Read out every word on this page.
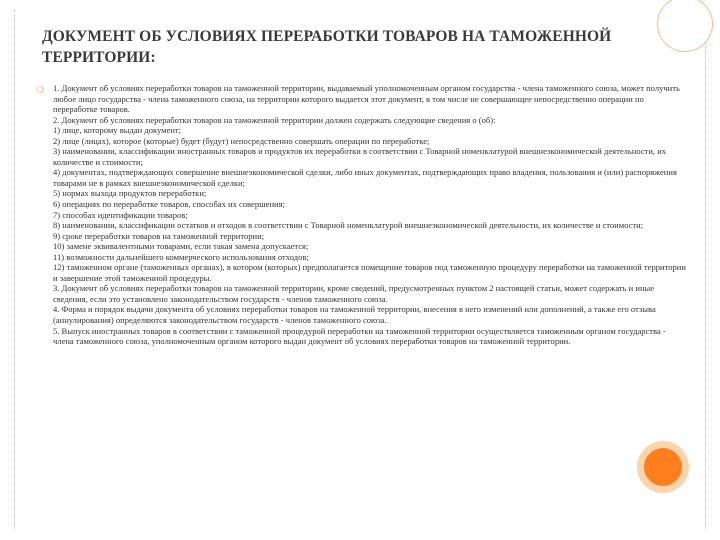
ДОКУМЕНТ ОБ УСЛОВИЯХ ПЕРЕРАБОТКИ ТОВАРОВ НА ТАМОЖЕННОЙ ТЕРРИТОРИИ:
❍ 1. Документ об условиях переработки товаров на таможенной территории, выдаваемый уполномоченным органом государства - члена таможенного союза, может получить любое лицо государства - члена таможенного союза, на территории которого выдается этот документ, в том числе не совершающее непосредственно операции по переработке товаров.

2. Документ об условиях переработки товаров на таможенной территории должен содержать следующие сведения о (об):

1) лице, которому выдан документ;

2) лице (лицах), которое (которые) будет (будут) непосредственно совершать операции по переработке;

3) наименовании, классификации иностранных товаров и продуктов их переработки в соответствии с Товарной номенклатурой внешнеэкономической деятельности, их количестве и стоимости;

4) документах, подтверждающих совершение внешнеэкономической сделки, либо иных документах, подтверждающих право владения, пользования и (или) распоряжения товарами не в рамках внешнеэкономической сделки;

5) нормах выхода продуктов переработки;

6) операциях по переработке товаров, способах их совершения;

7) способах идентификации товаров;

8) наименовании, классификации остатков и отходов в соответствии с Товарной номенклатурой внешнеэкономической деятельности, их количестве и стоимости;

9) сроке переработки товаров на таможенной территории;

10) замене эквивалентными товарами, если такая замена допускается;

11) возможности дальнейшего коммерческого использования отходов;

12) таможенном органе (таможенных органах), в котором (которых) предполагается помещение товаров под таможенную процедуру переработки на таможенной территории и завершение этой таможенной процедуры.

3. Документ об условиях переработки товаров на таможенной территории, кроме сведений, предусмотренных пунктом 2 настоящей статьи, может содержать и иные сведения, если это установлено законодательством государств - членов таможенного союза.

4. Форма и порядок выдачи документа об условиях переработки товаров на таможенной территории, внесения в него изменений или дополнений, а также его отзыва (аннулирования) определяются законодательством государств - членов таможенного союза.

5. Выпуск иностранных товаров в соответствии с таможенной процедурой переработки на таможенной территории осуществляется таможенным органом государства - члена таможенного союза, уполномоченным органом которого выдан документ об условиях переработки товаров на таможенной территории.
